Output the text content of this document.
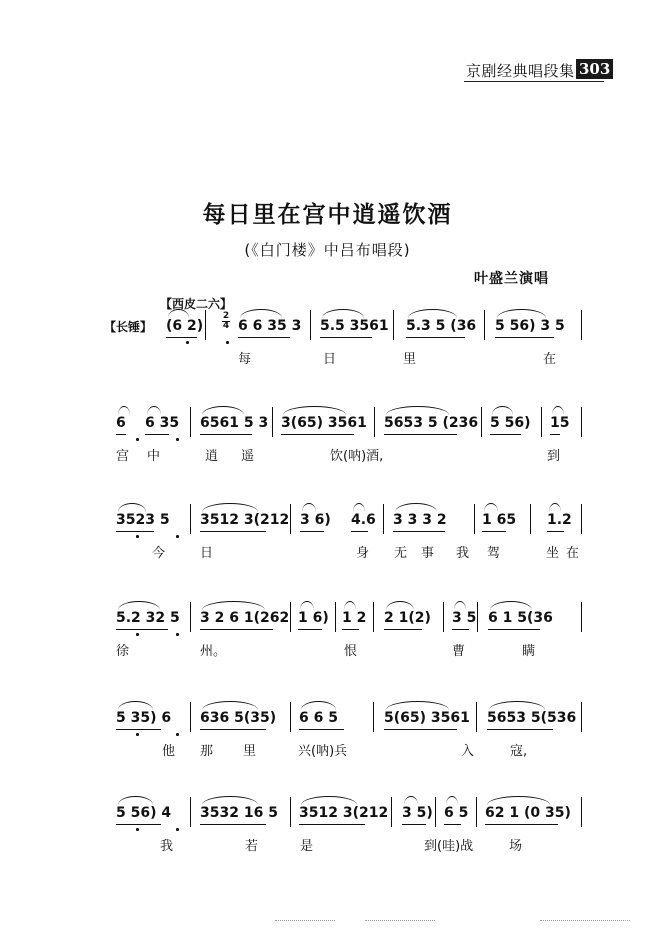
京剧经典唱段集 303
每日里在宫中逍遥饮酒
(《白门楼》中吕布唱段)
叶盛兰演唱
【西皮二六】
【长锤】
2
4
(6 2) 6 6 35 3 5.5 3561 5.3 5 (36 5 56) 3 5
每	日	里	在
6 6 35 6561 5 3 3(65) 3561 5653 5 (236 5 56) 15
宫 中	逍 遥	饮(呐)酒,	到
3523 5 3512 3(212 3 6) 4.6 3 3 3 2	1 65 1.2
今	日	身 无 事 我 驾	坐 在
5.2 32 5 3 2 6 1(262 1 6) 1 2 2 1(2) 3 5 6 1 5(36
徐	州。	恨	曹	瞒
5 35) 6 636 5(35) 6 6 5	5(65) 3561 5653 5(536
他 那 里	兴(呐)兵	入	寇,
5 56) 4 3532 16 5 3512 3(212 3 5) 6 5 62 1 (0 35)
我	若	是	到(哇)战	场
